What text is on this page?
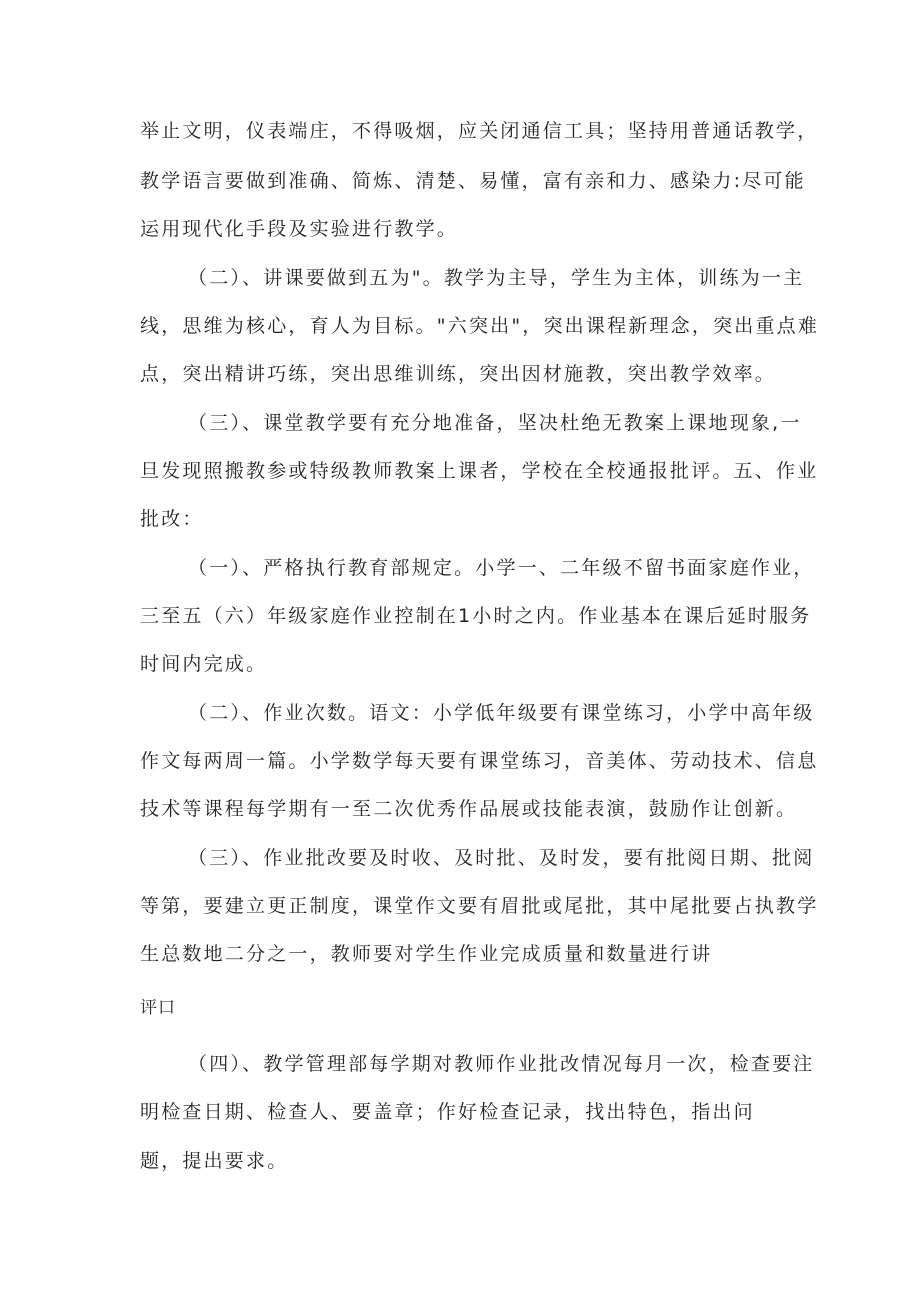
举止文明，仪表端庄，不得吸烟，应关闭通信工具；坚持用普通话教学，
教学语言要做到准确、简炼、清楚、易懂，富有亲和力、感染力:尽可能
运用现代化手段及实验进行教学。
（二）、讲课要做到五为"。教学为主导，学生为主体，训练为一主
线，思维为核心，育人为目标。"六突出"，突出课程新理念，突出重点难
点，突出精讲巧练，突出思维训练，突出因材施教，突出教学效率。
（三）、课堂教学要有充分地准备，坚决杜绝无教案上课地现象,一
旦发现照搬教参或特级教师教案上课者，学校在全校通报批评。五、作业
批改：
（一）、严格执行教育部规定。小学一、二年级不留书面家庭作业，
三至五（六）年级家庭作业控制在1小时之内。作业基本在课后延时服务
时间内完成。
（二）、作业次数。语文：小学低年级要有课堂练习，小学中高年级
作文每两周一篇。小学数学每天要有课堂练习，音美体、劳动技术、信息
技术等课程每学期有一至二次优秀作品展或技能表演，鼓励作让创新。
（三）、作业批改要及时收、及时批、及时发，要有批阅日期、批阅
等第，要建立更正制度，课堂作文要有眉批或尾批，其中尾批要占执教学
生总数地二分之一，教师要对学生作业完成质量和数量进行讲
评口
（四）、教学管理部每学期对教师作业批改情况每月一次，检查要注
明检查日期、检查人、要盖章；作好检查记录，找出特色，指出问
题，提出要求。
